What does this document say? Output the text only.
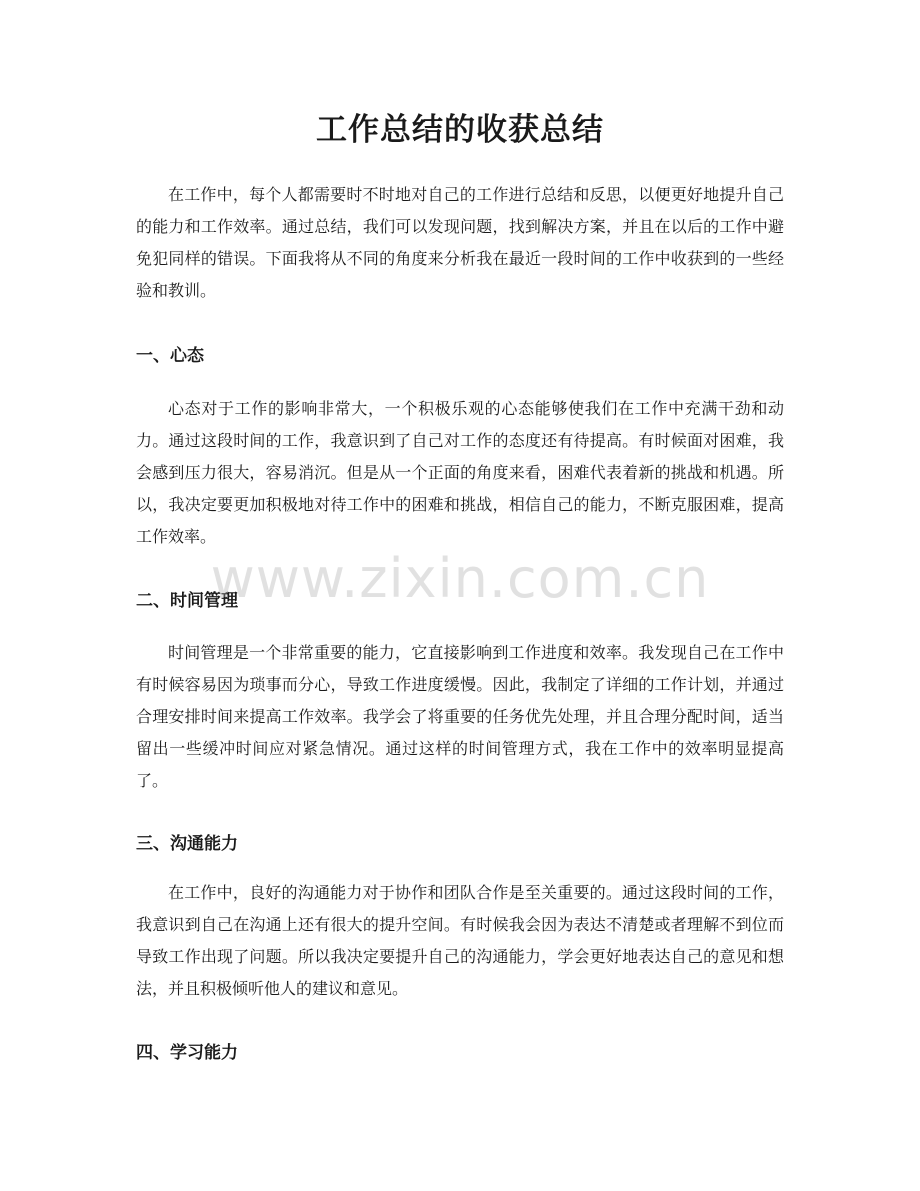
工作总结的收获总结

在工作中，每个人都需要时不时地对自己的工作进行总结和反思，以便更好地提升自己的能力和工作效率。通过总结，我们可以发现问题，找到解决方案，并且在以后的工作中避免犯同样的错误。下面我将从不同的角度来分析我在最近一段时间的工作中收获到的一些经验和教训。

一、心态

心态对于工作的影响非常大，一个积极乐观的心态能够使我们在工作中充满干劲和动力。通过这段时间的工作，我意识到了自己对工作的态度还有待提高。有时候面对困难，我会感到压力很大，容易消沉。但是从一个正面的角度来看，困难代表着新的挑战和机遇。所以，我决定要更加积极地对待工作中的困难和挑战，相信自己的能力，不断克服困难，提高工作效率。

二、时间管理

时间管理是一个非常重要的能力，它直接影响到工作进度和效率。我发现自己在工作中有时候容易因为琐事而分心，导致工作进度缓慢。因此，我制定了详细的工作计划，并通过合理安排时间来提高工作效率。我学会了将重要的任务优先处理，并且合理分配时间，适当留出一些缓冲时间应对紧急情况。通过这样的时间管理方式，我在工作中的效率明显提高了。

三、沟通能力

在工作中，良好的沟通能力对于协作和团队合作是至关重要的。通过这段时间的工作，我意识到自己在沟通上还有很大的提升空间。有时候我会因为表达不清楚或者理解不到位而导致工作出现了问题。所以我决定要提升自己的沟通能力，学会更好地表达自己的意见和想法，并且积极倾听他人的建议和意见。

四、学习能力
www.zixin.com.cn
